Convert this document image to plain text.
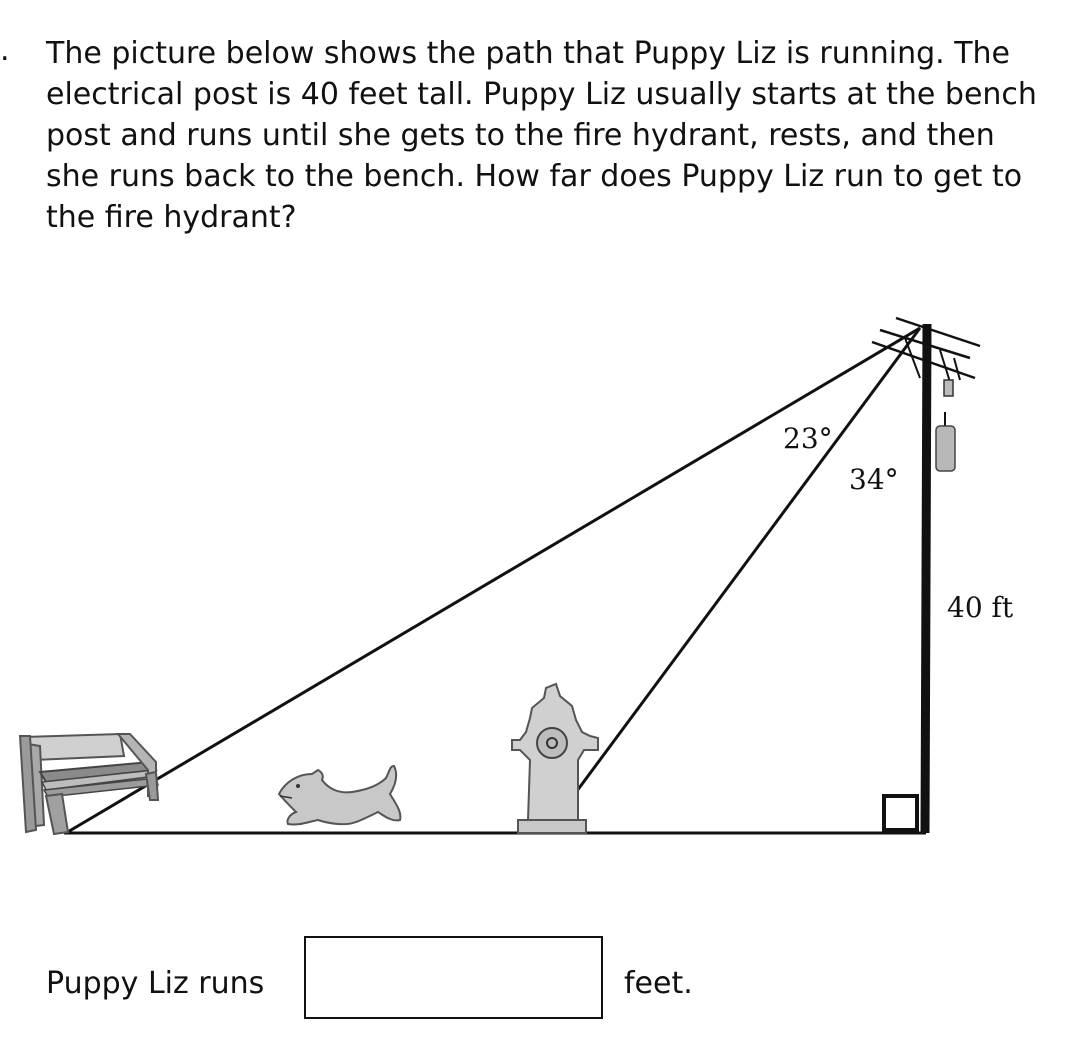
. The picture below shows the path that Puppy Liz is running. The electrical post is 40 feet tall. Puppy Liz usually starts at the bench post and runs until she gets to the fire hydrant, rests, and then she runs back to the bench. How far does Puppy Liz run to get to the fire hydrant?

23°
34°
40 ft
Puppy Liz runs	feet.
